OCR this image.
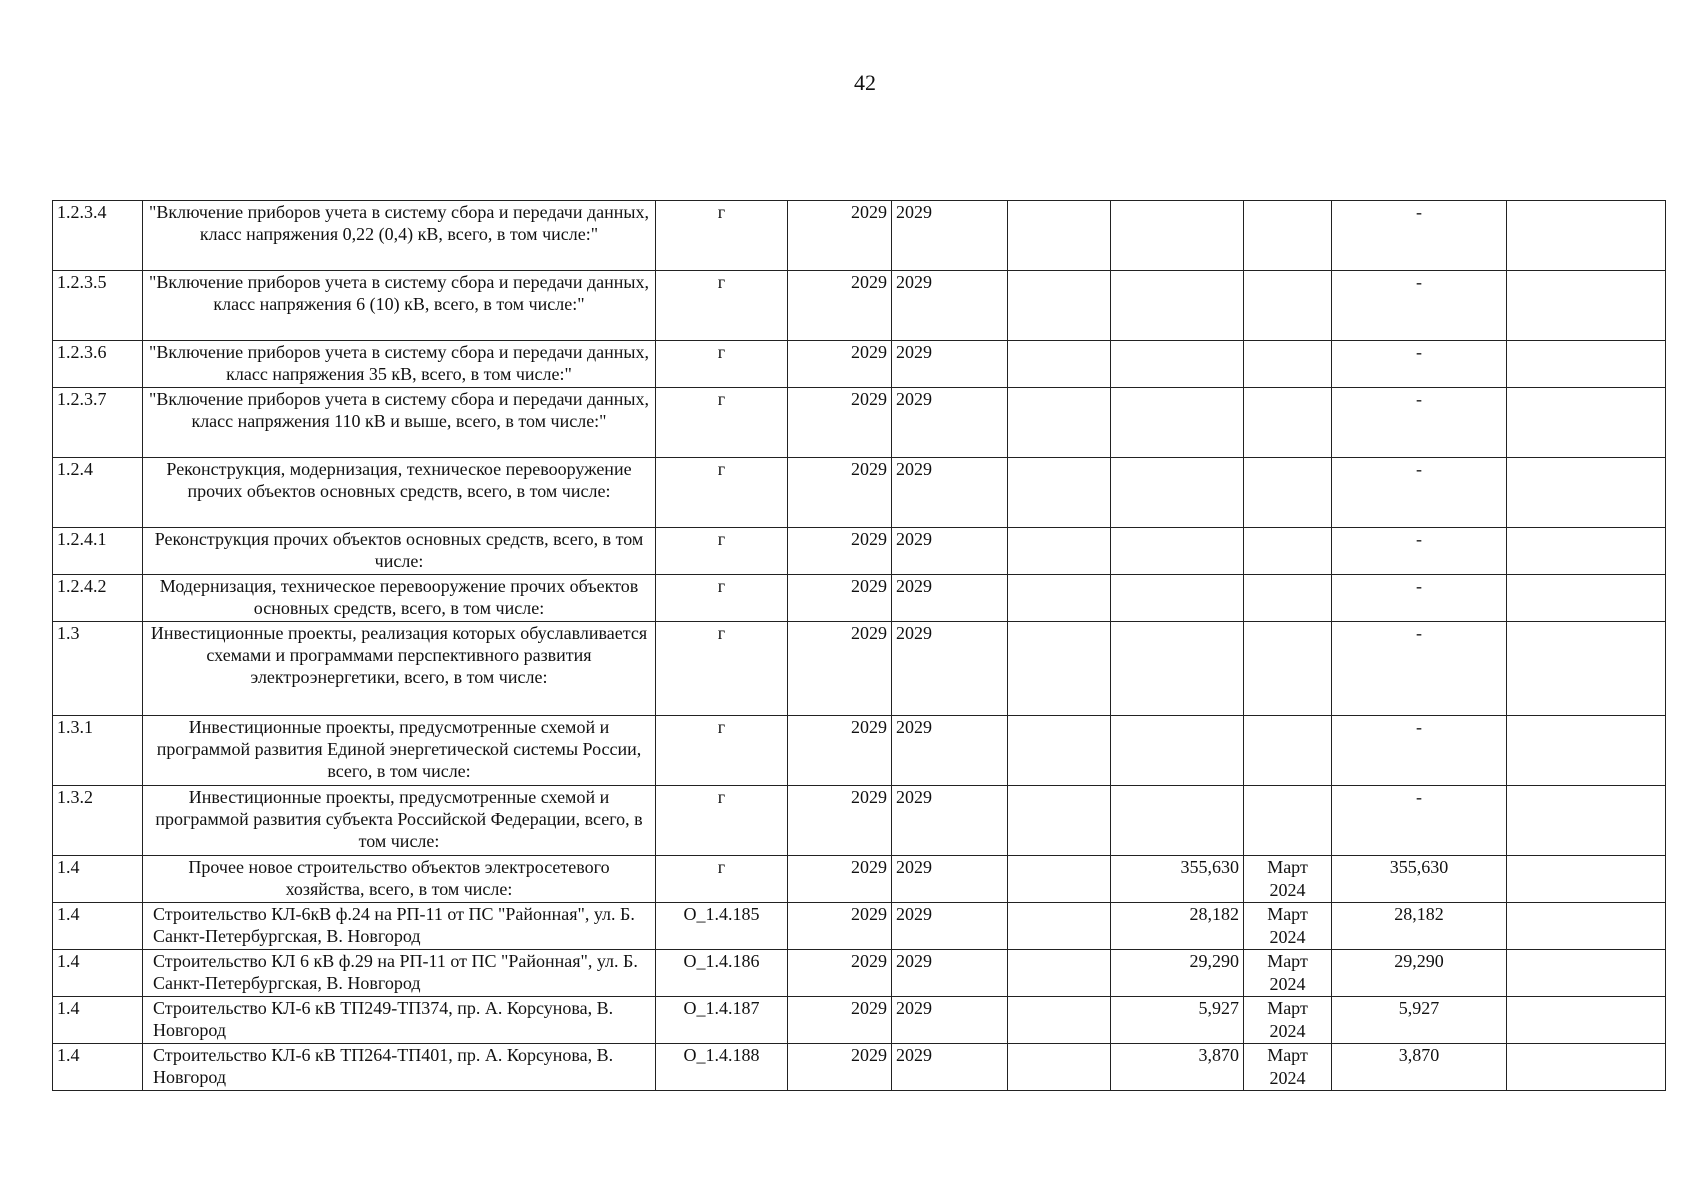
42
1.2.3.4	"Включение приборов учета в систему сбора и передачи данных, класс напряжения 0,22 (0,4) кВ, всего, в том числе:"	г	2029	2029				-	
1.2.3.5	"Включение приборов учета в систему сбора и передачи данных, класс напряжения 6 (10) кВ, всего, в том числе:"	г	2029	2029				-	
1.2.3.6	"Включение приборов учета в систему сбора и передачи данных, класс напряжения 35 кВ, всего, в том числе:"	г	2029	2029				-	
1.2.3.7	"Включение приборов учета в систему сбора и передачи данных, класс напряжения 110 кВ и выше, всего, в том числе:"	г	2029	2029				-	
1.2.4	Реконструкция, модернизация, техническое перевооружение прочих объектов основных средств, всего, в том числе:	г	2029	2029				-	
1.2.4.1	Реконструкция прочих объектов основных средств, всего, в том числе:	г	2029	2029				-	
1.2.4.2	Модернизация, техническое перевооружение прочих объектов основных средств, всего, в том числе:	г	2029	2029				-	
1.3	Инвестиционные проекты, реализация которых обуславливается схемами и программами перспективного развития электроэнергетики, всего, в том числе:	г	2029	2029				-	
1.3.1	Инвестиционные проекты, предусмотренные схемой и программой развития Единой энергетической системы России, всего, в том числе:	г	2029	2029				-	
1.3.2	Инвестиционные проекты, предусмотренные схемой и программой развития субъекта Российской Федерации, всего, в том числе:	г	2029	2029				-	
1.4	Прочее новое строительство объектов электросетевого хозяйства, всего, в том числе:	г	2029	2029		355,630	Март 2024	355,630	
1.4	Строительство КЛ-6кВ ф.24 на РП-11 от ПС "Районная", ул. Б. Санкт-Петербургская, В. Новгород	O_1.4.185	2029	2029		28,182	Март 2024	28,182	
1.4	Строительство КЛ 6 кВ ф.29 на РП-11 от ПС "Районная", ул. Б. Санкт-Петербургская, В. Новгород	O_1.4.186	2029	2029		29,290	Март 2024	29,290	
1.4	Строительство КЛ-6 кВ ТП249-ТП374, пр. А. Корсунова, В. Новгород	O_1.4.187	2029	2029		5,927	Март 2024	5,927	
1.4	Строительство КЛ-6 кВ ТП264-ТП401, пр. А. Корсунова, В. Новгород	O_1.4.188	2029	2029		3,870	Март 2024	3,870	
